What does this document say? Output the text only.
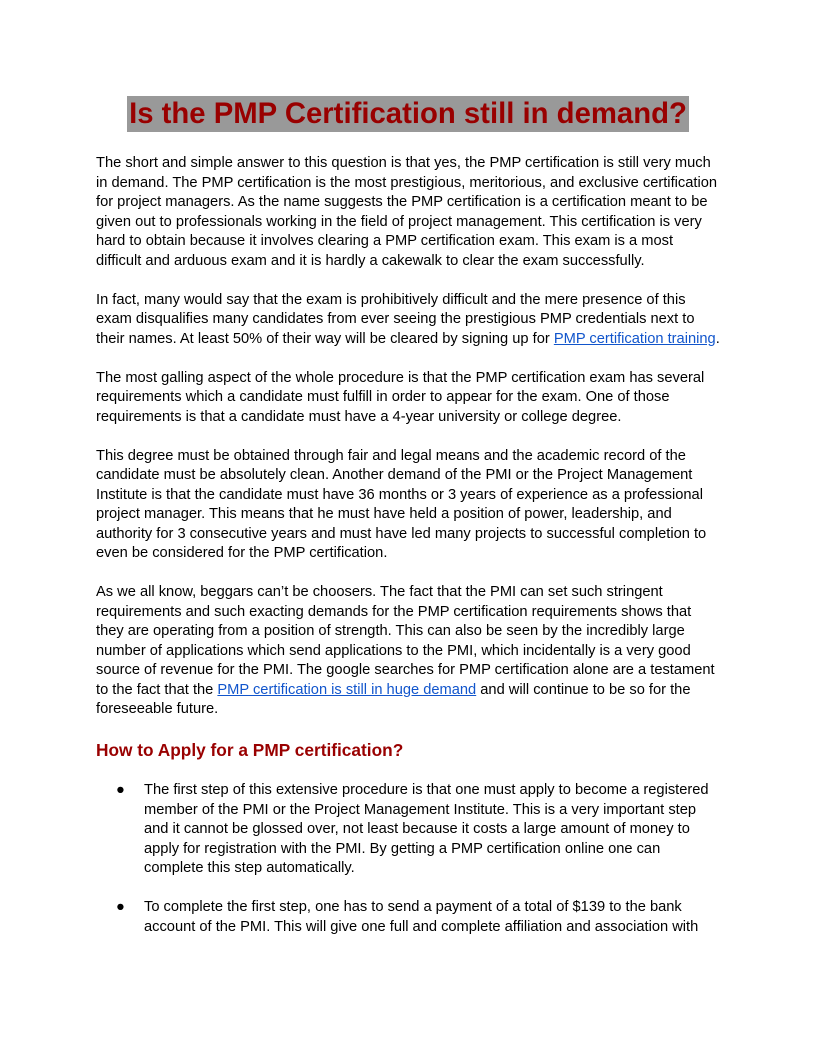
Is the PMP Certification still in demand?

The short and simple answer to this question is that yes, the PMP certification is still very much in demand. The PMP certification is the most prestigious, meritorious, and exclusive certification for project managers. As the name suggests the PMP certification is a certification meant to be given out to professionals working in the field of project management. This certification is very hard to obtain because it involves clearing a PMP certification exam. This exam is a most difficult and arduous exam and it is hardly a cakewalk to clear the exam successfully.

In fact, many would say that the exam is prohibitively difficult and the mere presence of this exam disqualifies many candidates from ever seeing the prestigious PMP credentials next to their names. At least 50% of their way will be cleared by signing up for PMP certification training.

The most galling aspect of the whole procedure is that the PMP certification exam has several requirements which a candidate must fulfill in order to appear for the exam. One of those requirements is that a candidate must have a 4-year university or college degree.

This degree must be obtained through fair and legal means and the academic record of the candidate must be absolutely clean. Another demand of the PMI or the Project Management Institute is that the candidate must have 36 months or 3 years of experience as a professional project manager. This means that he must have held a position of power, leadership, and authority for 3 consecutive years and must have led many projects to successful completion to even be considered for the PMP certification.

As we all know, beggars can’t be choosers. The fact that the PMI can set such stringent requirements and such exacting demands for the PMP certification requirements shows that they are operating from a position of strength. This can also be seen by the incredibly large number of applications which send applications to the PMI, which incidentally is a very good source of revenue for the PMI. The google searches for PMP certification alone are a testament to the fact that the PMP certification is still in huge demand and will continue to be so for the foreseeable future.

How to Apply for a PMP certification?
● The first step of this extensive procedure is that one must apply to become a registered member of the PMI or the Project Management Institute. This is a very important step and it cannot be glossed over, not least because it costs a large amount of money to apply for registration with the PMI. By getting a PMP certification online one can complete this step automatically.
● To complete the first step, one has to send a payment of a total of $139 to the bank account of the PMI. This will give one full and complete affiliation and association with
